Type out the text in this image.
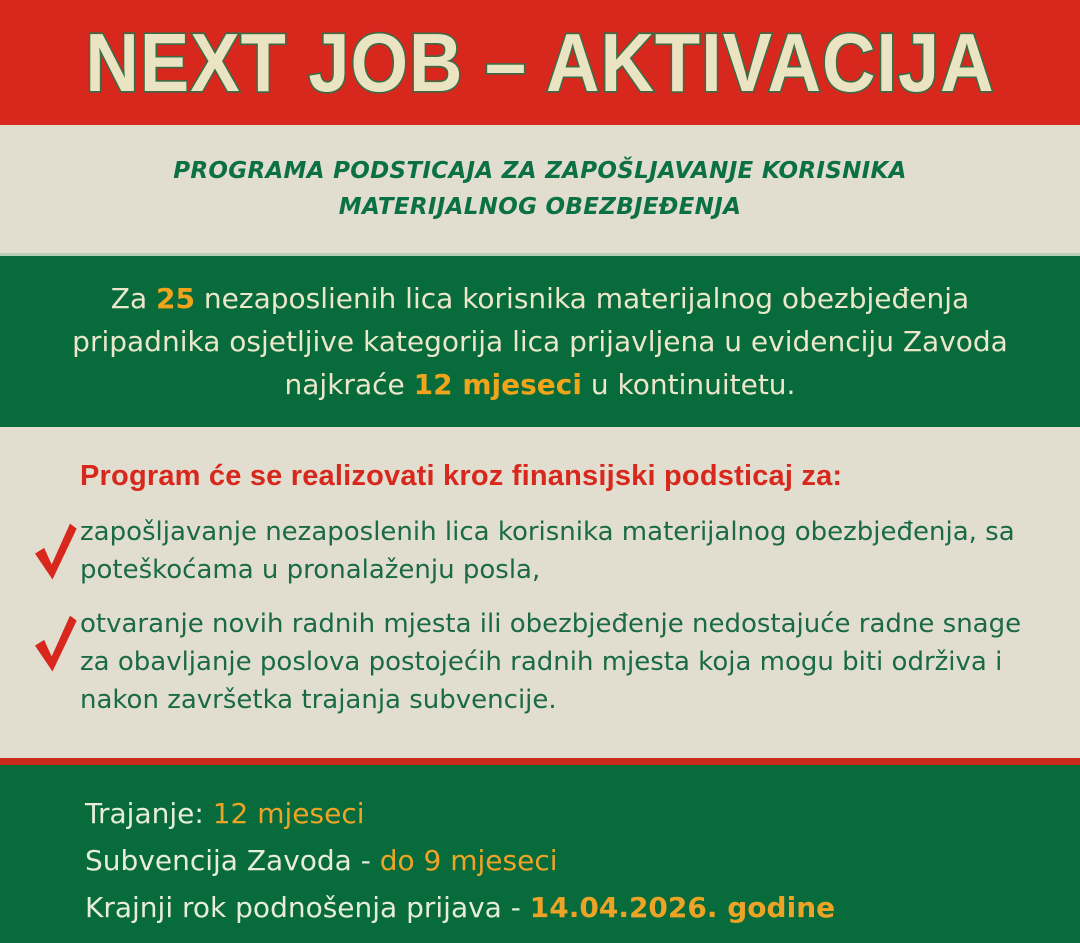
NEXT JOB – AKTIVACIJA
PROGRAMA PODSTICAJA ZA ZAPOŠLJAVANJE KORISNIKA
MATERIJALNOG OBEZBJEĐENJA

Za 25 nezaposlienih lica korisnika materijalnog obezbjeđenja pripadnika osjetljive kategorija lica prijavljena u evidenciju Zavoda najkraće 12 mjeseci u kontinuitetu.

Program će se realizovati kroz finansijski podsticaj za:
zapošljavanje nezaposlenih lica korisnika materijalnog obezbjeđenja, sa poteškoćama u pronalaženju posla,
otvaranje novih radnih mjesta ili obezbjeđenje nedostajuće radne snage za obavljanje poslova postojećih radnih mjesta koja mogu biti održiva i nakon završetka trajanja subvencije.
Trajanje: 12 mjeseci
Subvencija Zavoda - do 9 mjeseci
Krajnji rok podnošenja prijava - 14.04.2026. godine
